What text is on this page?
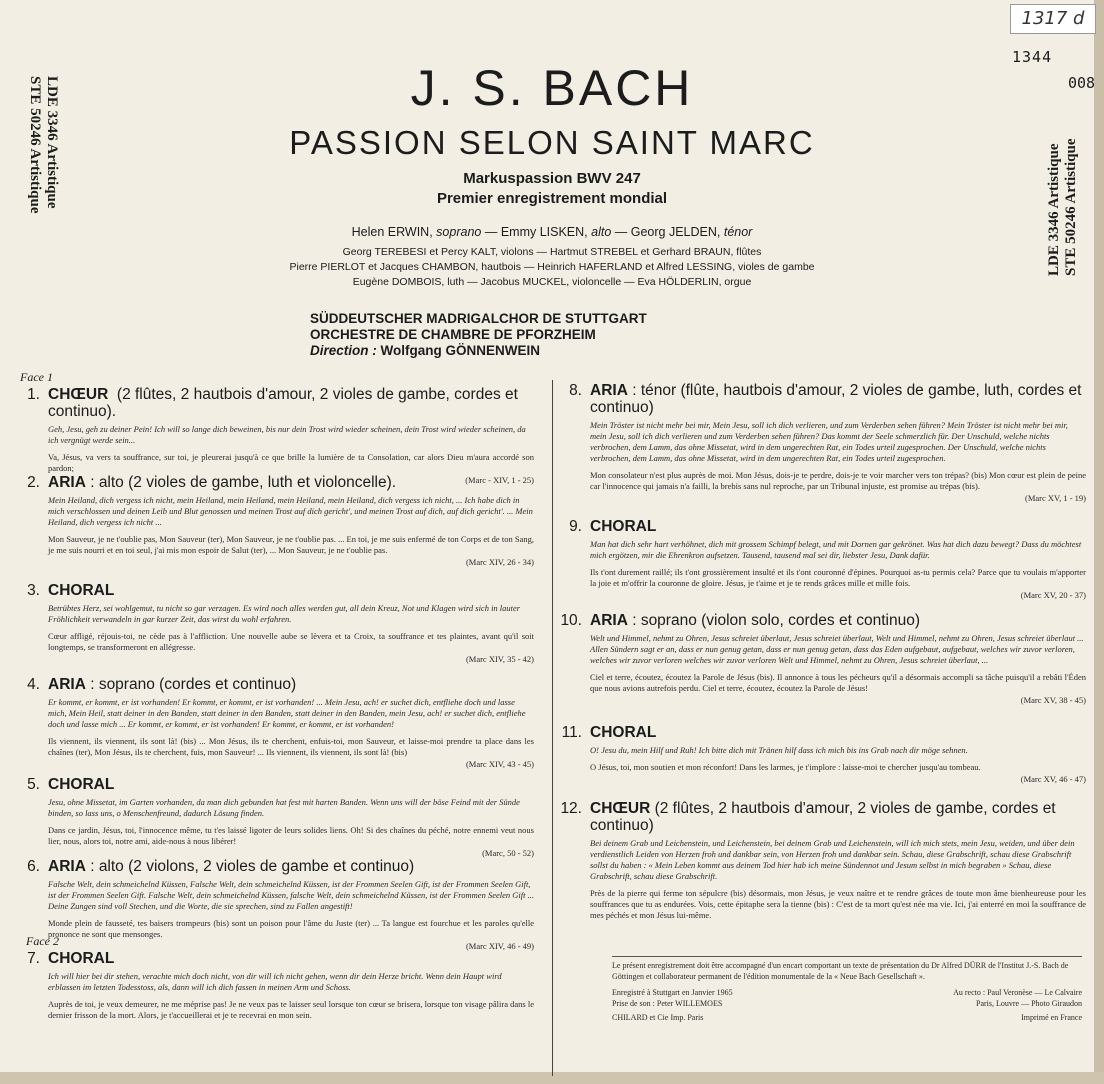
1317 d
1344
008
LDE 3346 Artistique
STE 50246 Artistique	LDE 3346 Artistique STE 50246 Artistique
J. S. BACH
PASSION SELON SAINT MARC
Markuspassion BWV 247
Premier enregistrement mondial
Helen ERWIN, soprano — Emmy LISKEN, alto — Georg JELDEN, ténor
Georg TEREBESI et Percy KALT, violons — Hartmut STREBEL et Gerhard BRAUN, flûtes
Pierre PIERLOT et Jacques CHAMBON, hautbois — Heinrich HAFERLAND et Alfred LESSING, violes de gambe
Eugène DOMBOIS, luth — Jacobus MUCKEL, violoncelle — Eva HÖLDERLIN, orgue
SÜDDEUTSCHER MADRIGALCHOR DE STUTTGART
ORCHESTRE DE CHAMBRE DE PFORZHEIM
Direction : Wolfgang GÖNNENWEIN
Face 1
Face 2
1. CHŒUR (2 flûtes, 2 hautbois d'amour, 2 violes de gambe, cordes et continuo).
Geh, Jesu, geh zu deiner Pein! Ich will so lange dich beweinen, bis nur dein Trost wird wieder scheinen, dein Trost wird wieder scheinen, da ich vergnügt werde sein...
Va, Jésus, va vers ta souffrance, sur toi, je pleurerai jusqu'à ce que brille la lumière de ta Consolation, car alors Dieu m'aura accordé son pardon;
(Marc - XIV, 1 - 25)
2. ARIA : alto (2 violes de gambe, luth et violoncelle).
Mein Heiland, dich vergess ich nicht, mein Heiland, mein Heiland, mein Heiland, mein Heiland, dich vergess ich nicht, ... Ich habe dich in mich verschlossen und deinen Leib und Blut genossen und meinen Trost auf dich gericht', und meinen Trost auf dich, auf dich gericht'. ... Mein Heiland, dich vergess ich nicht ...
Mon Sauveur, je ne t'oublie pas, Mon Sauveur (ter), Mon Sauveur, je ne t'oublie pas. ... En toi, je me suis enfermé de ton Corps et de ton Sang, je me suis nourri et en toi seul, j'ai mis mon espoir de Salut (ter), ... Mon Sauveur, je ne t'oublie pas.
(Marc XIV, 26 - 34)
3. CHORAL
Betrübtes Herz, sei wohlgemut, tu nicht so gar verzagen. Es wird noch alles werden gut, all dein Kreuz, Not und Klagen wird sich in lauter Fröhlichkeit verwandeln in gar kurzer Zeit, das wirst du wohl erfahren.
Cœur affligé, réjouis-toi, ne cède pas à l'affliction. Une nouvelle aube se lèvera et ta Croix, ta souffrance et tes plaintes, avant qu'il soit longtemps, se transformeront en allégresse.
(Marc XIV, 35 - 42)
4. ARIA : soprano (cordes et continuo)
Er kommt, er kommt, er ist vorhanden! Er kommt, er kommt, er ist vorhanden! ... Mein Jesu, ach! er suchet dich, entfliehe doch und lasse mich, Mein Heil, statt deiner in den Banden, statt deiner in den Banden, statt deiner in den Banden, mein Jesu, ach! er suchet dich, entfliehe doch und lasse mich ... Er kommt, er kommt, er ist vorhanden! Er kommt, er kommt, er ist vorhanden!
Ils viennent, ils viennent, ils sont là! (bis) ... Mon Jésus, ils te cherchent, enfuis-toi, mon Sauveur, et laisse-moi prendre ta place dans les chaînes (ter), Mon Jésus, ils te cherchent, fuis, mon Sauveur! ... Ils viennent, ils viennent, ils sont là! (bis)
(Marc XIV, 43 - 45)
5. CHORAL
Jesu, ohne Missetat, im Garten vorhanden, da man dich gebunden hat fest mit harten Banden. Wenn uns will der böse Feind mit der Sünde binden, so lass uns, o Menschenfreund, dadurch Lösung finden.
Dans ce jardin, Jésus, toi, l'innocence même, tu t'es laissé ligoter de leurs solides liens. Oh! Si des chaînes du péché, notre ennemi veut nous lier, nous, alors toi, notre ami, aide-nous à nous libérer!
(Marc, 50 - 52)
6. ARIA : alto (2 violons, 2 violes de gambe et continuo)
Falsche Welt, dein schmeichelnd Küssen, Falsche Welt, dein schmeichelnd Küssen, ist der Frommen Seelen Gift, ist der Frommen Seelen Gift, ist der Frommen Seelen Gift. Falsche Welt, dein schmeichelnd Küssen, falsche Welt, dein schmeichelnd Küssen, ist der Frommen Seelen Gift ... Deine Zungen sind voll Stechen, und die Worte, die sie sprechen, sind zu Fallen angestift!
Monde plein de fausseté, tes baisers trompeurs (bis) sont un poison pour l'âme du Juste (ter) ... Ta langue est fourchue et les paroles qu'elle prononce ne sont que mensonges.
(Marc XIV, 46 - 49)
7. CHORAL
Ich will hier bei dir stehen, verachte mich doch nicht, von dir will ich nicht gehen, wenn dir dein Herze bricht. Wenn dein Haupt wird erblassen im letzten Todesstoss, als, dann will ich dich fassen in meinen Arm und Schoss.
Auprès de toi, je veux demeurer, ne me méprise pas! Je ne veux pas te laisser seul lorsque ton cœur se brisera, lorsque ton visage pâlira dans le dernier frisson de la mort. Alors, je t'accueillerai et je te recevrai en mon sein.
8. ARIA : ténor (flûte, hautbois d'amour, 2 violes de gambe, luth, cordes et continuo)
Mein Tröster ist nicht mehr bei mir, Mein Jesu, soll ich dich verlieren, und zum Verderben sehen führen? Mein Tröster ist nicht mehr bei mir, mein Jesu, soll ich dich verlieren und zum Verderben sehen führen? Das kommt der Seele schmerzlich für. Der Unschuld, welche nichts verbrochen, dem Lamm, das ohne Missetat, wird in dem ungerechten Rat, ein Todes urteil zugesprochen. Der Unschuld, welche nichts verbrochen, dem Lamm, das ohne Missetat, wird in dem ungerechten Rat, ein Todes urteil zugesprochen.
Mon consolateur n'est plus auprès de moi. Mon Jésus, dois-je te perdre, dois-je te voir marcher vers ton trépas? (bis) Mon cœur est plein de peine car l'innocence qui jamais n'a failli, la brebis sans nul reproche, par un Tribunal injuste, est promise au trépas (bis).
(Marc XV, 1 - 19)
9. CHORAL
Man hat dich sehr hart verhöhnet, dich mit grossem Schimpf belegt, und mit Dornen gar gekrönet. Was hat dich dazu bewegt? Dass du möchtest mich ergötzen, mir die Ehrenkron aufsetzen. Tausend, tausend mal sei dir, liebster Jesu, Dank dafür.
Ils t'ont durement raillé; ils t'ont grossièrement insulté et ils t'ont couronné d'épines. Pourquoi as-tu permis cela? Parce que tu voulais m'apporter la joie et m'offrir la couronne de gloire. Jésus, je t'aime et je te rends grâces mille et mille fois.
(Marc XV, 20 - 37)
10. ARIA : soprano (violon solo, cordes et continuo)
Welt und Himmel, nehmt zu Ohren, Jesus schreiet überlaut, Jesus schreiet überlaut, Welt und Himmel, nehmt zu Ohren, Jesus schreiet überlaut ... Allen Sündern sagt er an, dass er nun genug getan, dass er nun genug getan, dass das Eden aufgebaut, aufgebaut, welches wir zuvor verloren, welches wir zuvor verloren welches wir zuvor verloren Welt und Himmel, nehmt zu Ohren, Jesus schreiet überlaut, ...
Ciel et terre, écoutez, écoutez la Parole de Jésus (bis). Il annonce à tous les pécheurs qu'il a désormais accompli sa tâche puisqu'il a rebâti l'Éden que nous avions autrefois perdu. Ciel et terre, écoutez, écoutez la Parole de Jésus!
(Marc XV, 38 - 45)
11. CHORAL
O! Jesu du, mein Hilf und Ruh! Ich bitte dich mit Tränen hilf dass ich mich bis ins Grab nach dir möge sehnen.
O Jésus, toi, mon soutien et mon réconfort! Dans les larmes, je t'implore : laisse-moi te chercher jusqu'au tombeau.
(Marc XV, 46 - 47)
12. CHŒUR (2 flûtes, 2 hautbois d'amour, 2 violes de gambe, cordes et continuo)
Bei deinem Grab und Leichenstein, und Leichenstein, bei deinem Grab und Leichenstein, will ich mich stets, mein Jesu, weiden, und über dein verdienstlich Leiden von Herzen froh und dankbar sein, von Herzen froh und dankbar sein. Schau, diese Grabschrift, schau diese Grabschrift sollst du haben : « Mein Leben kommt aus deinem Tod hier hab ich meine Sündennot und Jesum selbst in mich begraben » Schau, diese Grabschrift, schau diese Grabschrift.
Près de la pierre qui ferme ton sépulcre (bis) désormais, mon Jésus, je veux naître et te rendre grâces de toute mon âme bienheureuse pour les souffrances que tu as endurées. Vois, cette épitaphe sera la tienne (bis) : C'est de ta mort qu'est née ma vie. Ici, j'ai enterré en moi la souffrance de mes péchés et mon Jésus lui-même.
Le présent enregistrement doit être accompagné d'un encart comportant un texte de présentation du Dr Alfred DÜRR de l'Institut J.-S. Bach de Göttingen et collaborateur permanent de l'édition monumentale de la « Neue Bach Gesellschaft ».
Enregistré à Stuttgart en Janvier 1965
Prise de son : Peter WILLEMOES
CHILARD et Cie Imp. Paris
Au recto : Paul Veronèse — Le Calvaire
Paris, Louvre — Photo Giraudon
Imprimé en France
